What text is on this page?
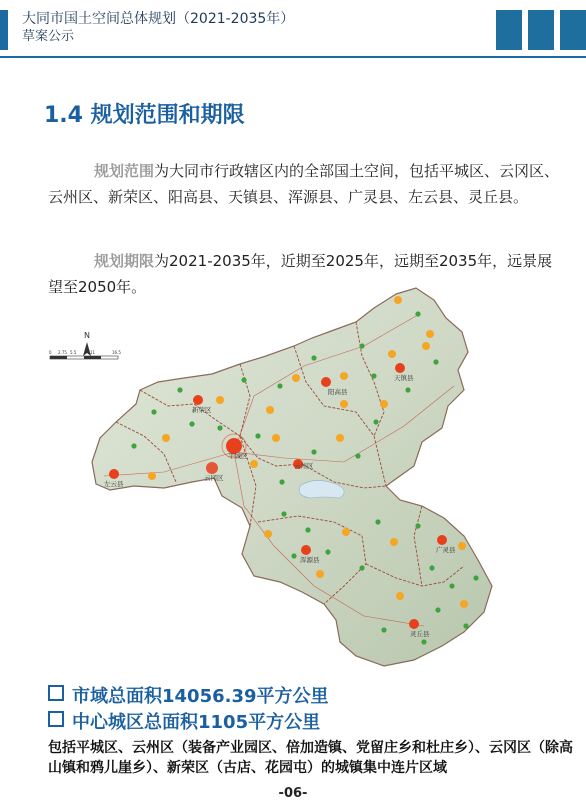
大同市国土空间总体规划（2021-2035年）
草案公示
1.4 规划范围和期限
规划范围为大同市行政辖区内的全部国土空间，包括平城区、云冈区、云州区、新荣区、阳高县、天镇县、浑源县、广灵县、左云县、灵丘县。
规划期限为2021-2035年，近期至2025年，远期至2035年，远景展望至2050年。
N
0 2.75 5.5	11	16.5
平城区
云冈区
云州区
新荣区
阳高县
天镇县
左云县
浑源县
广灵县
灵丘县
市域总面积14056.39平方公里
中心城区总面积1105平方公里
包括平城区、云州区（装备产业园区、倍加造镇、党留庄乡和杜庄乡）、云冈区（除高山镇和鸦儿崖乡）、新荣区（古店、花园屯）的城镇集中连片区域
-06-
